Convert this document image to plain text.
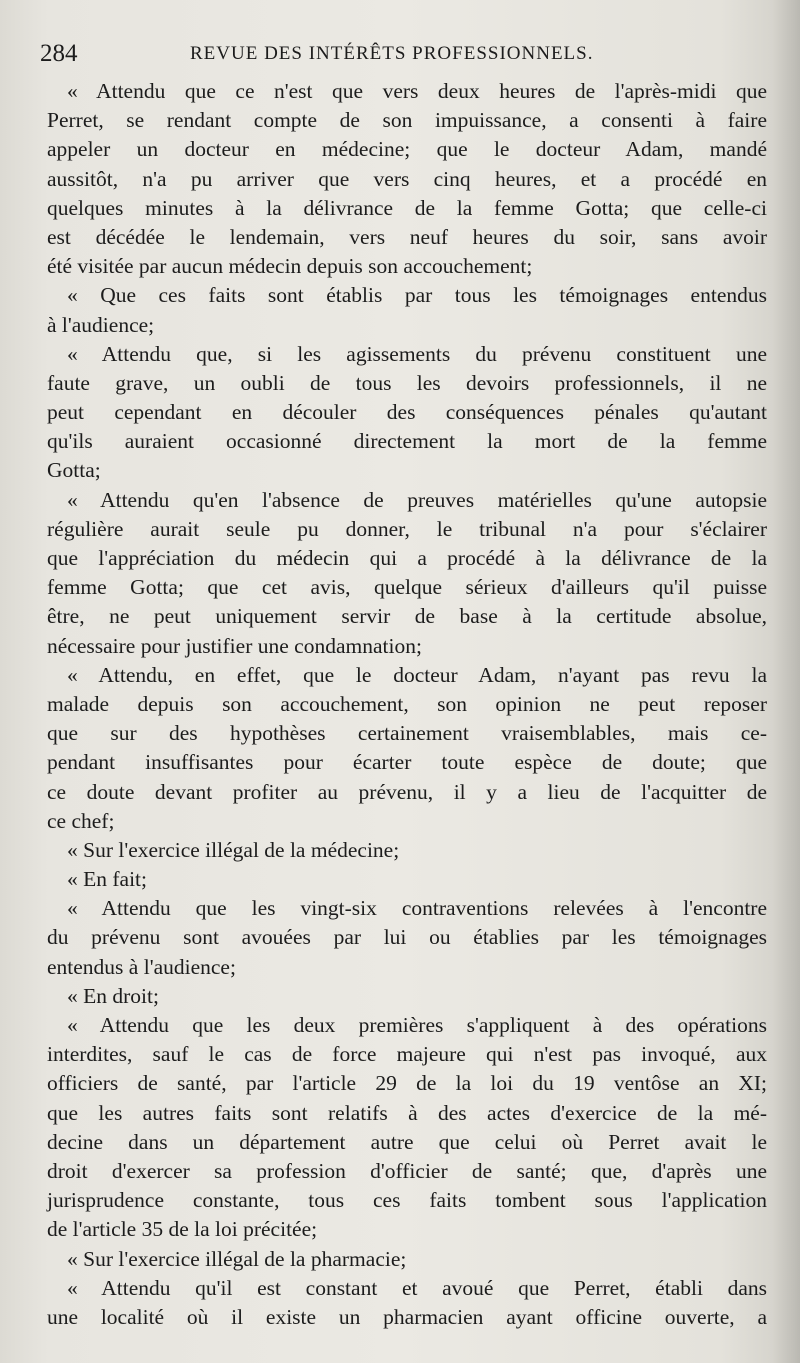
284	REVUE DES INTÉRÊTS PROFESSIONNELS.
« Attendu que ce n'est que vers deux heures de l'après-midi que
Perret, se rendant compte de son impuissance, a consenti à faire
appeler un docteur en médecine; que le docteur Adam, mandé
aussitôt, n'a pu arriver que vers cinq heures, et a procédé en
quelques minutes à la délivrance de la femme Gotta; que celle-ci
est décédée le lendemain, vers neuf heures du soir, sans avoir
été visitée par aucun médecin depuis son accouchement;
« Que ces faits sont établis par tous les témoignages entendus
à l'audience;
« Attendu que, si les agissements du prévenu constituent une
faute grave, un oubli de tous les devoirs professionnels, il ne
peut cependant en découler des conséquences pénales qu'autant
qu'ils auraient occasionné directement la mort de la femme
Gotta;
« Attendu qu'en l'absence de preuves matérielles qu'une autopsie
régulière aurait seule pu donner, le tribunal n'a pour s'éclairer
que l'appréciation du médecin qui a procédé à la délivrance de la
femme Gotta; que cet avis, quelque sérieux d'ailleurs qu'il puisse
être, ne peut uniquement servir de base à la certitude absolue,
nécessaire pour justifier une condamnation;
« Attendu, en effet, que le docteur Adam, n'ayant pas revu la
malade depuis son accouchement, son opinion ne peut reposer
que sur des hypothèses certainement vraisemblables, mais ce-
pendant insuffisantes pour écarter toute espèce de doute; que
ce doute devant profiter au prévenu, il y a lieu de l'acquitter de
ce chef;
« Sur l'exercice illégal de la médecine;
« En fait;
« Attendu que les vingt-six contraventions relevées à l'encontre
du prévenu sont avouées par lui ou établies par les témoignages
entendus à l'audience;
« En droit;
« Attendu que les deux premières s'appliquent à des opérations
interdites, sauf le cas de force majeure qui n'est pas invoqué, aux
officiers de santé, par l'article 29 de la loi du 19 ventôse an XI;
que les autres faits sont relatifs à des actes d'exercice de la mé-
decine dans un département autre que celui où Perret avait le
droit d'exercer sa profession d'officier de santé; que, d'après une
jurisprudence constante, tous ces faits tombent sous l'application
de l'article 35 de la loi précitée;
« Sur l'exercice illégal de la pharmacie;
« Attendu qu'il est constant et avoué que Perret, établi dans
une localité où il existe un pharmacien ayant officine ouverte, a
